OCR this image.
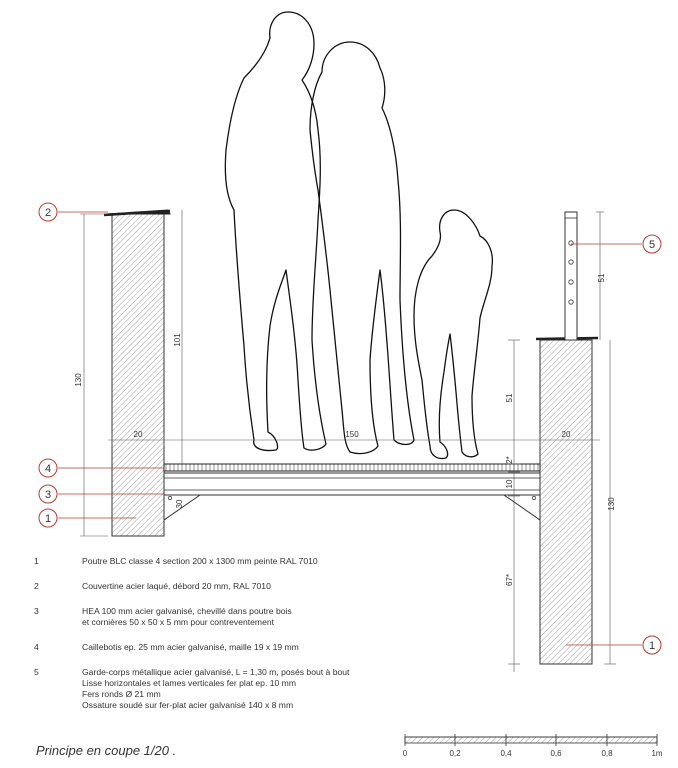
130
20	150	20
101
51
51
130
67*
2*
10
30
2
4
3
1
5
1
0	0,2	0,4	0,6	0,8	1m
1	Poutre BLC classe 4 section 200 x 1300 mm peinte RAL 7010
2	Couvertine acier laqué, débord 20 mm, RAL 7010
3	HEA 100 mm acier galvanisé, chevillé dans poutre bois
et cornières 50 x 50 x 5 mm pour contreventement
4	Caillebotis ep. 25 mm acier galvanisé, maille 19 x 19 mm
5	Garde-corps métallique acier galvanisé, L = 1,30 m, posés bout à bout
Lisse horizontales et lames verticales fer plat ep. 10 mm
Fers ronds Ø 21 mm
Ossature soudé sur fer-plat acier galvanisé 140 x 8 mm
Principe en coupe 1/20 .
